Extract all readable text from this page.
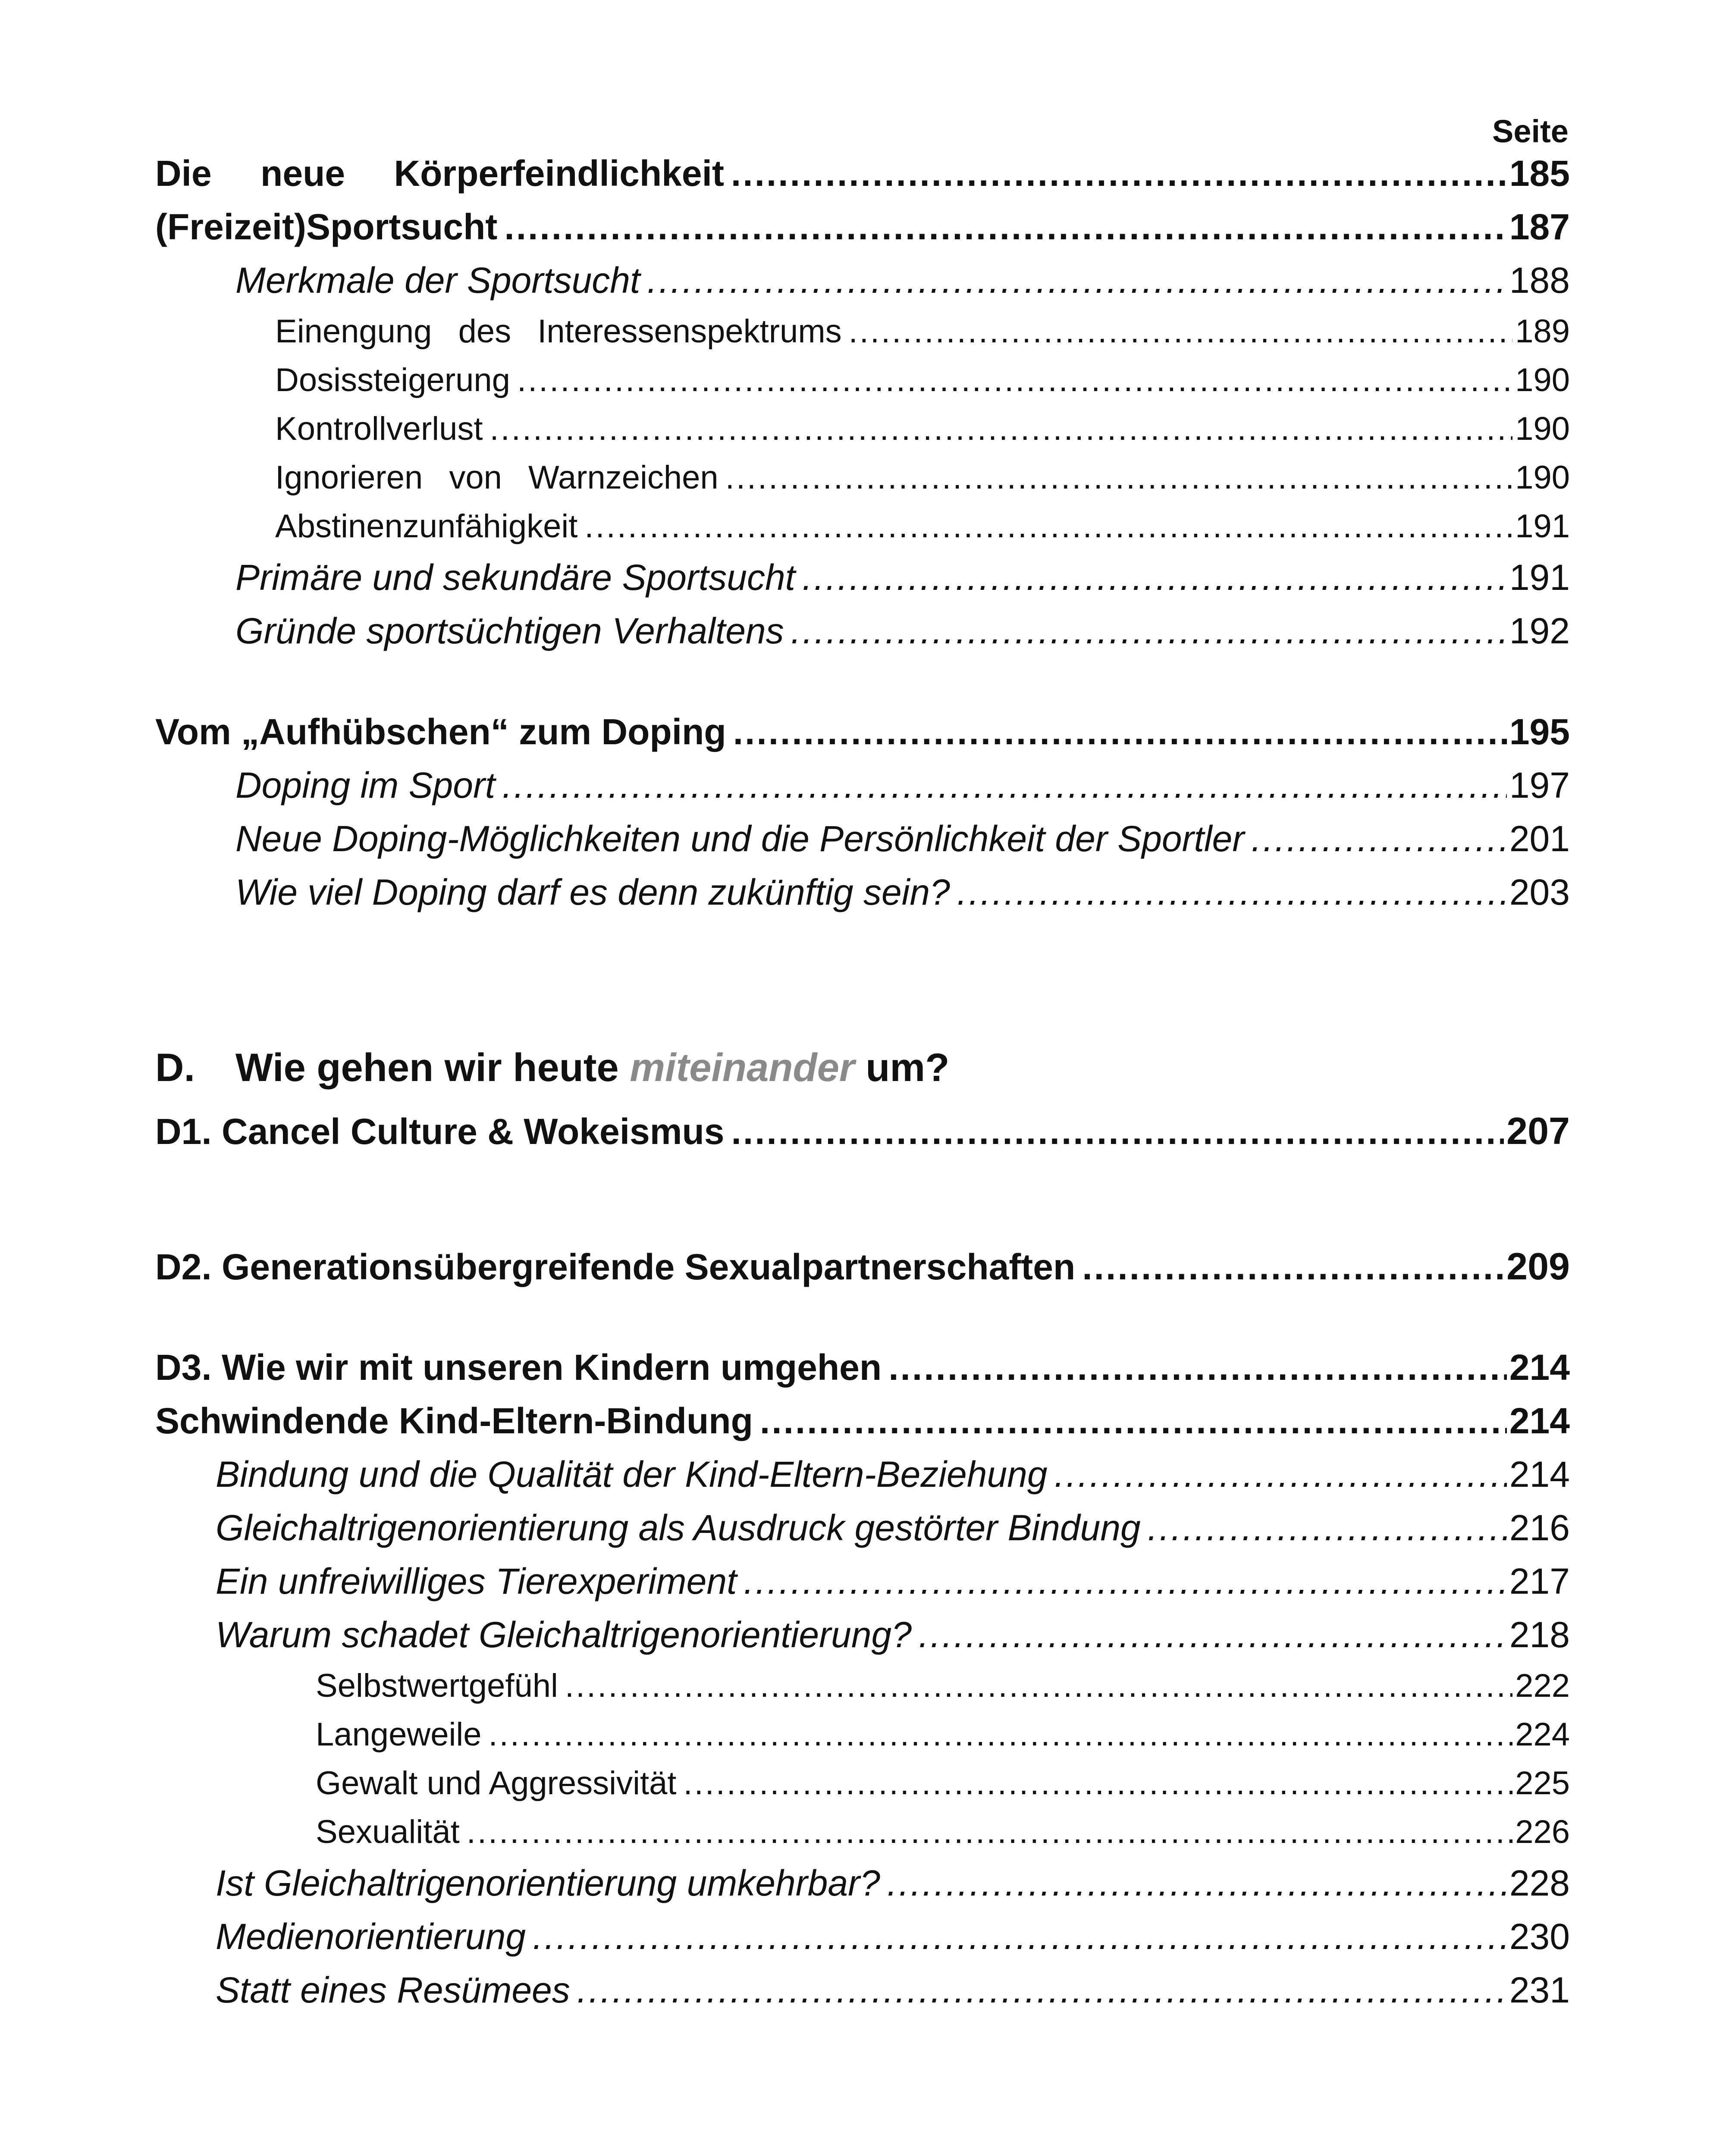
Seite
Die neue Körperfeindlichkeit .....	185
(Freizeit)Sportsucht .....	187
Merkmale der Sportsucht .....	188
Einengung des Interessenspektrums .....	189
Dosissteigerung .....	190
Kontrollverlust .....	190
Ignorieren von Warnzeichen .....	190
Abstinenzunfähigkeit .....	191
Primäre und sekundäre Sportsucht .....	191
Gründe sportsüchtigen Verhaltens .....	192
Vom „Aufhübschen“ zum Doping .....	195
Doping im Sport .....	197
Neue Doping-Möglichkeiten und die Persönlichkeit der Sportler .....	201
Wie viel Doping darf es denn zukünftig sein? .....	203
D. Wie gehen wir heute miteinander um?
D1. Cancel Culture & Wokeismus .....	207
D2. Generationsübergreifende Sexualpartnerschaften .....	209
D3. Wie wir mit unseren Kindern umgehen .....	214
Schwindende Kind-Eltern-Bindung .....	214
Bindung und die Qualität der Kind-Eltern-Beziehung .....	214
Gleichaltrigenorientierung als Ausdruck gestörter Bindung .....	216
Ein unfreiwilliges Tierexperiment .....	217
Warum schadet Gleichaltrigenorientierung? .....	218
Selbstwertgefühl .....	222
Langeweile .....	224
Gewalt und Aggressivität .....	225
Sexualität .....	226
Ist Gleichaltrigenorientierung umkehrbar? .....	228
Medienorientierung .....	230
Statt eines Resümees .....	231
